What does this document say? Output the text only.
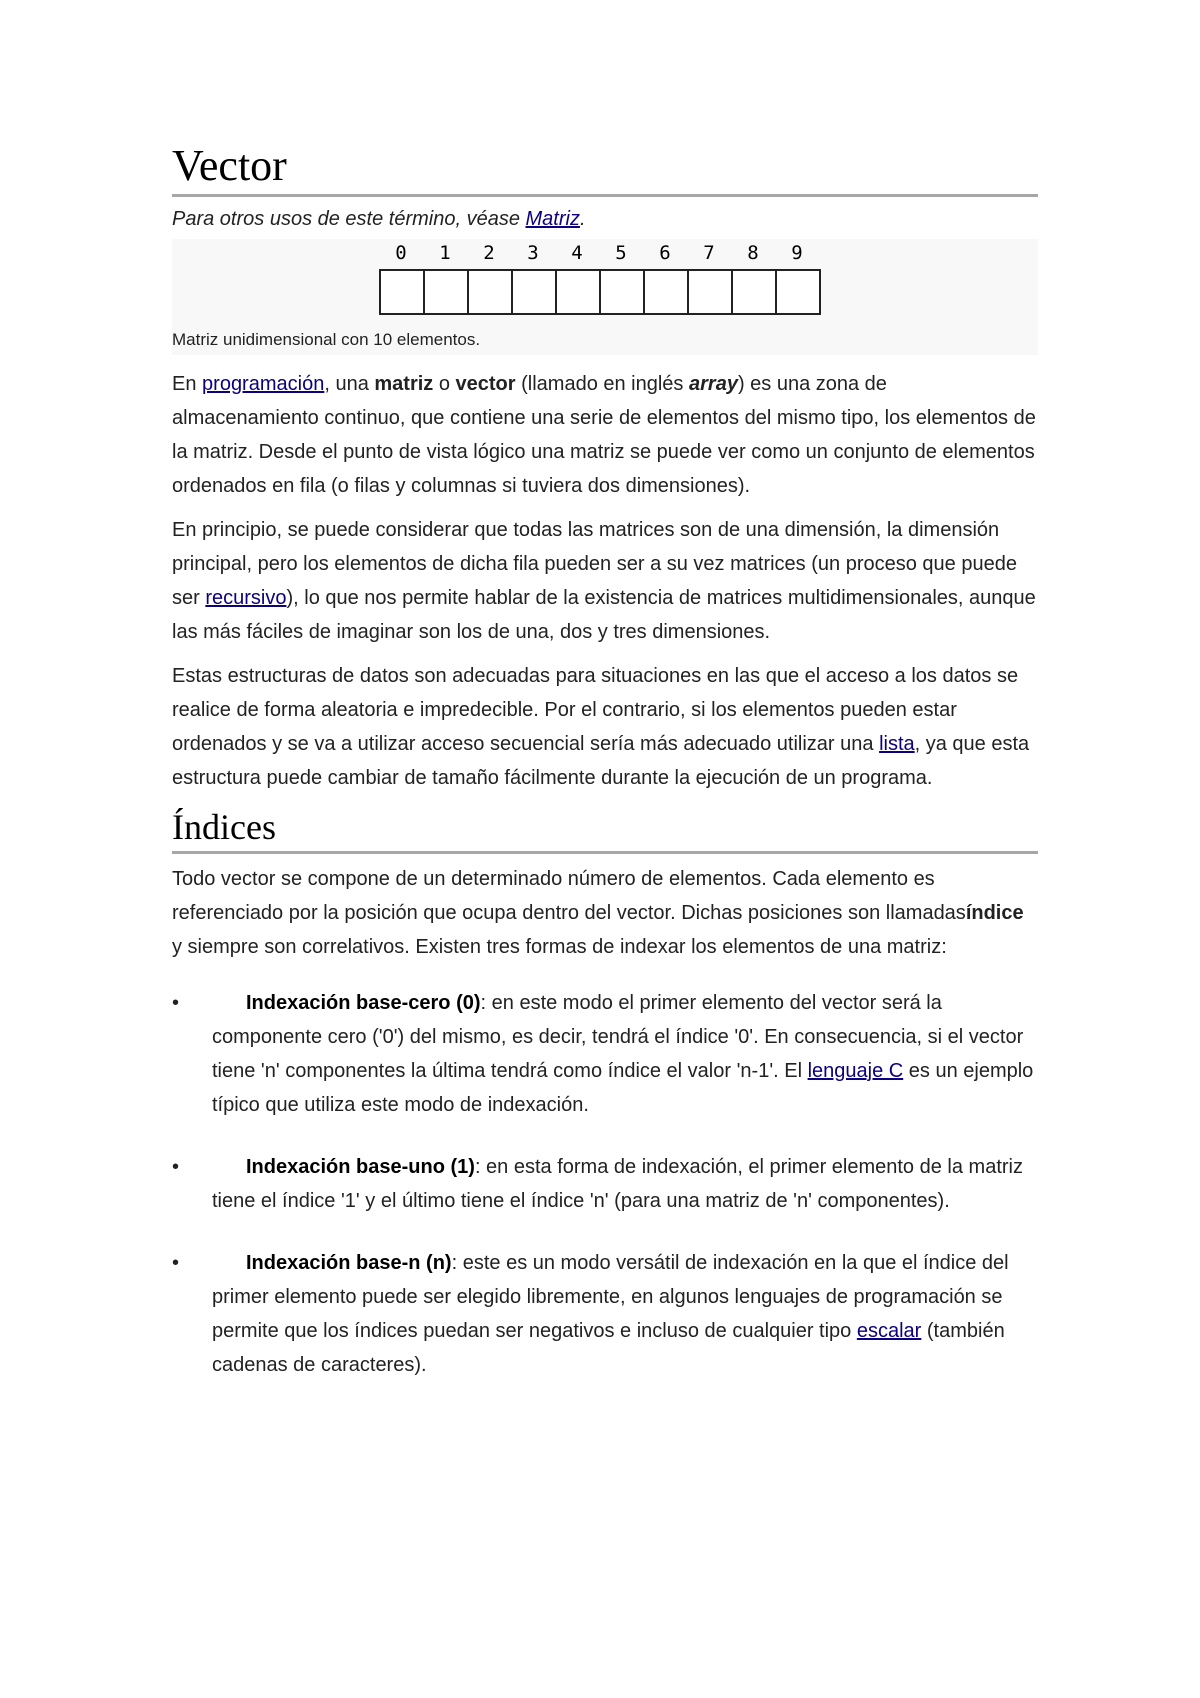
Vector
Para otros usos de este término, véase Matriz.
0	1	2	3	4	5	6	7	8	9
Matriz unidimensional con 10 elementos.

En programación, una matriz o vector (llamado en inglés array) es una zona de almacenamiento continuo, que contiene una serie de elementos del mismo tipo, los elementos de la matriz. Desde el punto de vista lógico una matriz se puede ver como un conjunto de elementos ordenados en fila (o filas y columnas si tuviera dos dimensiones).

En principio, se puede considerar que todas las matrices son de una dimensión, la dimensión principal, pero los elementos de dicha fila pueden ser a su vez matrices (un proceso que puede ser recursivo), lo que nos permite hablar de la existencia de matrices multidimensionales, aunque las más fáciles de imaginar son los de una, dos y tres dimensiones.

Estas estructuras de datos son adecuadas para situaciones en las que el acceso a los datos se realice de forma aleatoria e impredecible. Por el contrario, si los elementos pueden estar ordenados y se va a utilizar acceso secuencial sería más adecuado utilizar una lista, ya que esta estructura puede cambiar de tamaño fácilmente durante la ejecución de un programa.

Índices

Todo vector se compone de un determinado número de elementos. Cada elemento es referenciado por la posición que ocupa dentro del vector. Dichas posiciones son llamadasíndice y siempre son correlativos. Existen tres formas de indexar los elementos de una matriz:

•	Indexación base-cero (0): en este modo el primer elemento del vector será la componente cero ('0') del mismo, es decir, tendrá el índice '0'. En consecuencia, si el vector tiene 'n' componentes la última tendrá como índice el valor 'n-1'. El lenguaje C es un ejemplo típico que utiliza este modo de indexación.
•	Indexación base-uno (1): en esta forma de indexación, el primer elemento de la matriz tiene el índice '1' y el último tiene el índice 'n' (para una matriz de 'n' componentes).
•	Indexación base-n (n): este es un modo versátil de indexación en la que el índice del primer elemento puede ser elegido libremente, en algunos lenguajes de programación se permite que los índices puedan ser negativos e incluso de cualquier tipo escalar (también cadenas de caracteres).
